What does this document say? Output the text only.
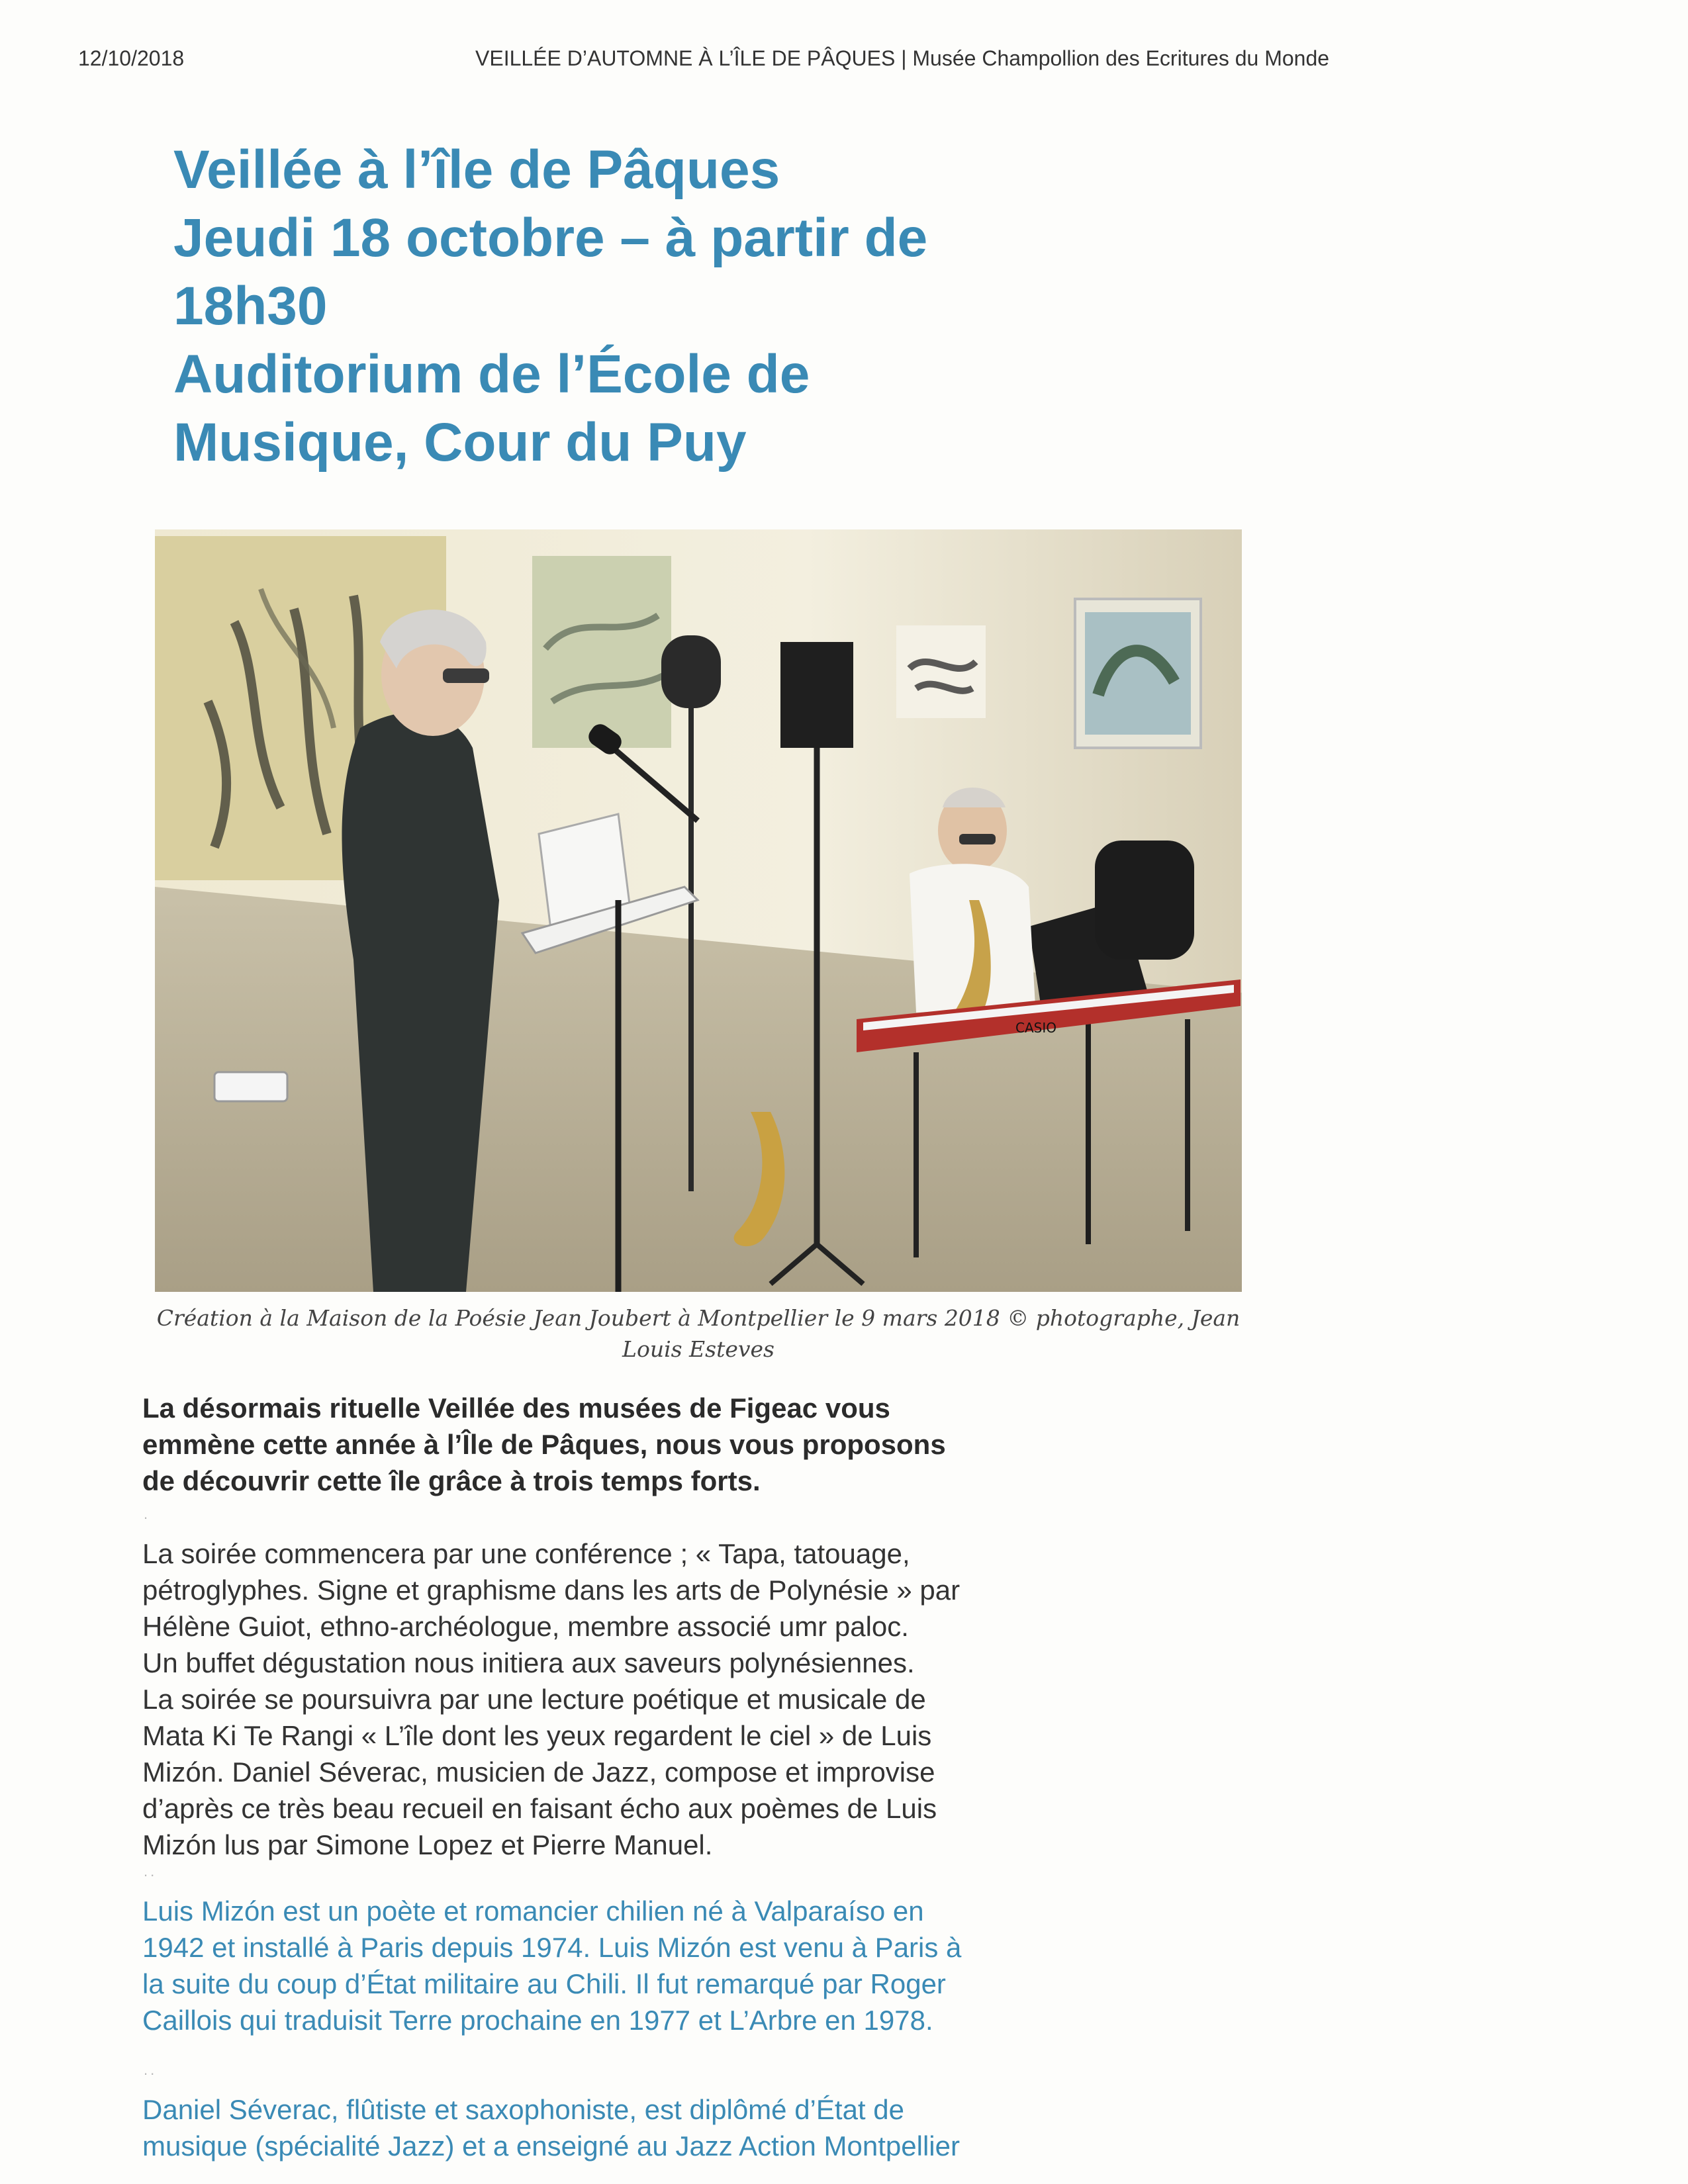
12/10/2018	VEILLÉE D’AUTOMNE À L’ÎLE DE PÂQUES | Musée Champollion des Ecritures du Monde
Veillée à l’île de Pâques
Jeudi 18 octobre – à partir de
18h30
Auditorium de l’École de
Musique, Cour du Puy
CASIO
Création à la Maison de la Poésie Jean Joubert à Montpellier le 9 mars 2018 © photographe, Jean Louis Esteves
La désormais rituelle Veillée des musées de Figeac vous
emmène cette année à l’Île de Pâques, nous vous proposons
de découvrir cette île grâce à trois temps forts.
.
La soirée commencera par une conférence ; « Tapa, tatouage,
pétroglyphes. Signe et graphisme dans les arts de Polynésie » par
Hélène Guiot, ethno-archéologue, membre associé umr paloc.
Un buffet dégustation nous initiera aux saveurs polynésiennes.
La soirée se poursuivra par une lecture poétique et musicale de
Mata Ki Te Rangi « L’île dont les yeux regardent le ciel » de Luis
Mizón. Daniel Séverac, musicien de Jazz, compose et improvise
d’après ce très beau recueil en faisant écho aux poèmes de Luis
Mizón lus par Simone Lopez et Pierre Manuel.
..
Luis Mizón est un poète et romancier chilien né à Valparaíso en
1942 et installé à Paris depuis 1974. Luis Mizón est venu à Paris à
la suite du coup d’État militaire au Chili. Il fut remarqué par Roger
Caillois qui traduisit Terre prochaine en 1977 et L’Arbre en 1978.
..
Daniel Séverac, flûtiste et saxophoniste, est diplômé d’État de
musique (spécialité Jazz) et a enseigné au Jazz Action Montpellier
